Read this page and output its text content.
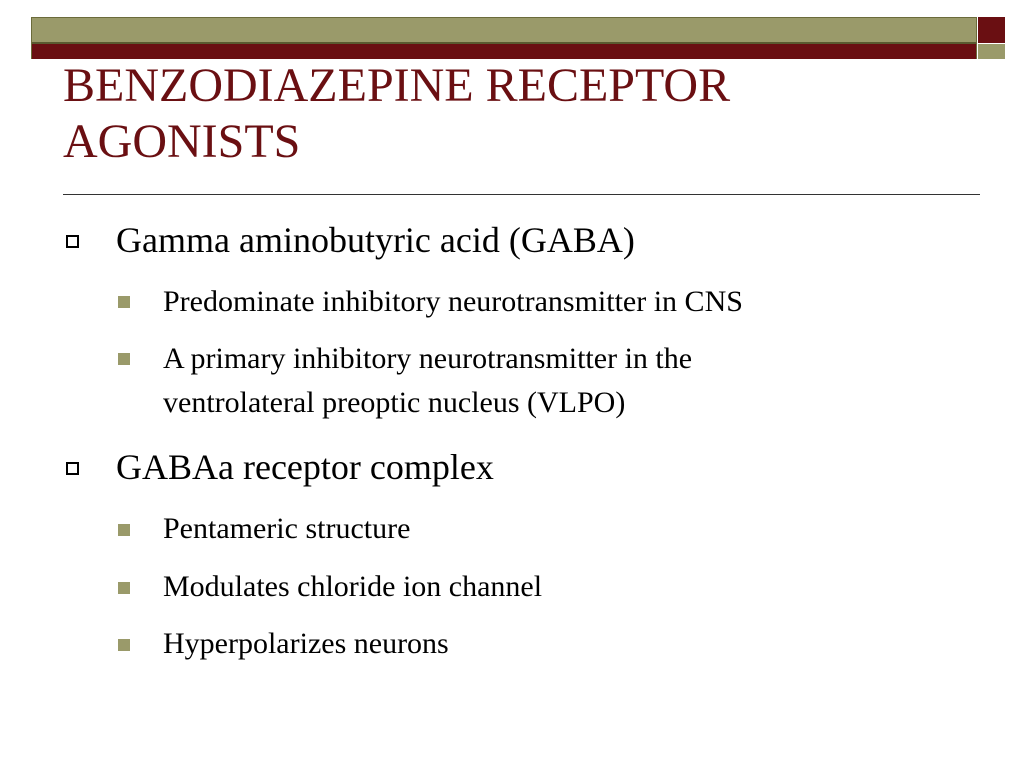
BENZODIAZEPINE RECEPTOR
AGONISTS
Gamma aminobutyric acid (GABA)
Predominate inhibitory neurotransmitter in CNS
A primary inhibitory neurotransmitter in the
ventrolateral preoptic nucleus (VLPO)
GABAa receptor complex
Pentameric structure
Modulates chloride ion channel
Hyperpolarizes neurons
